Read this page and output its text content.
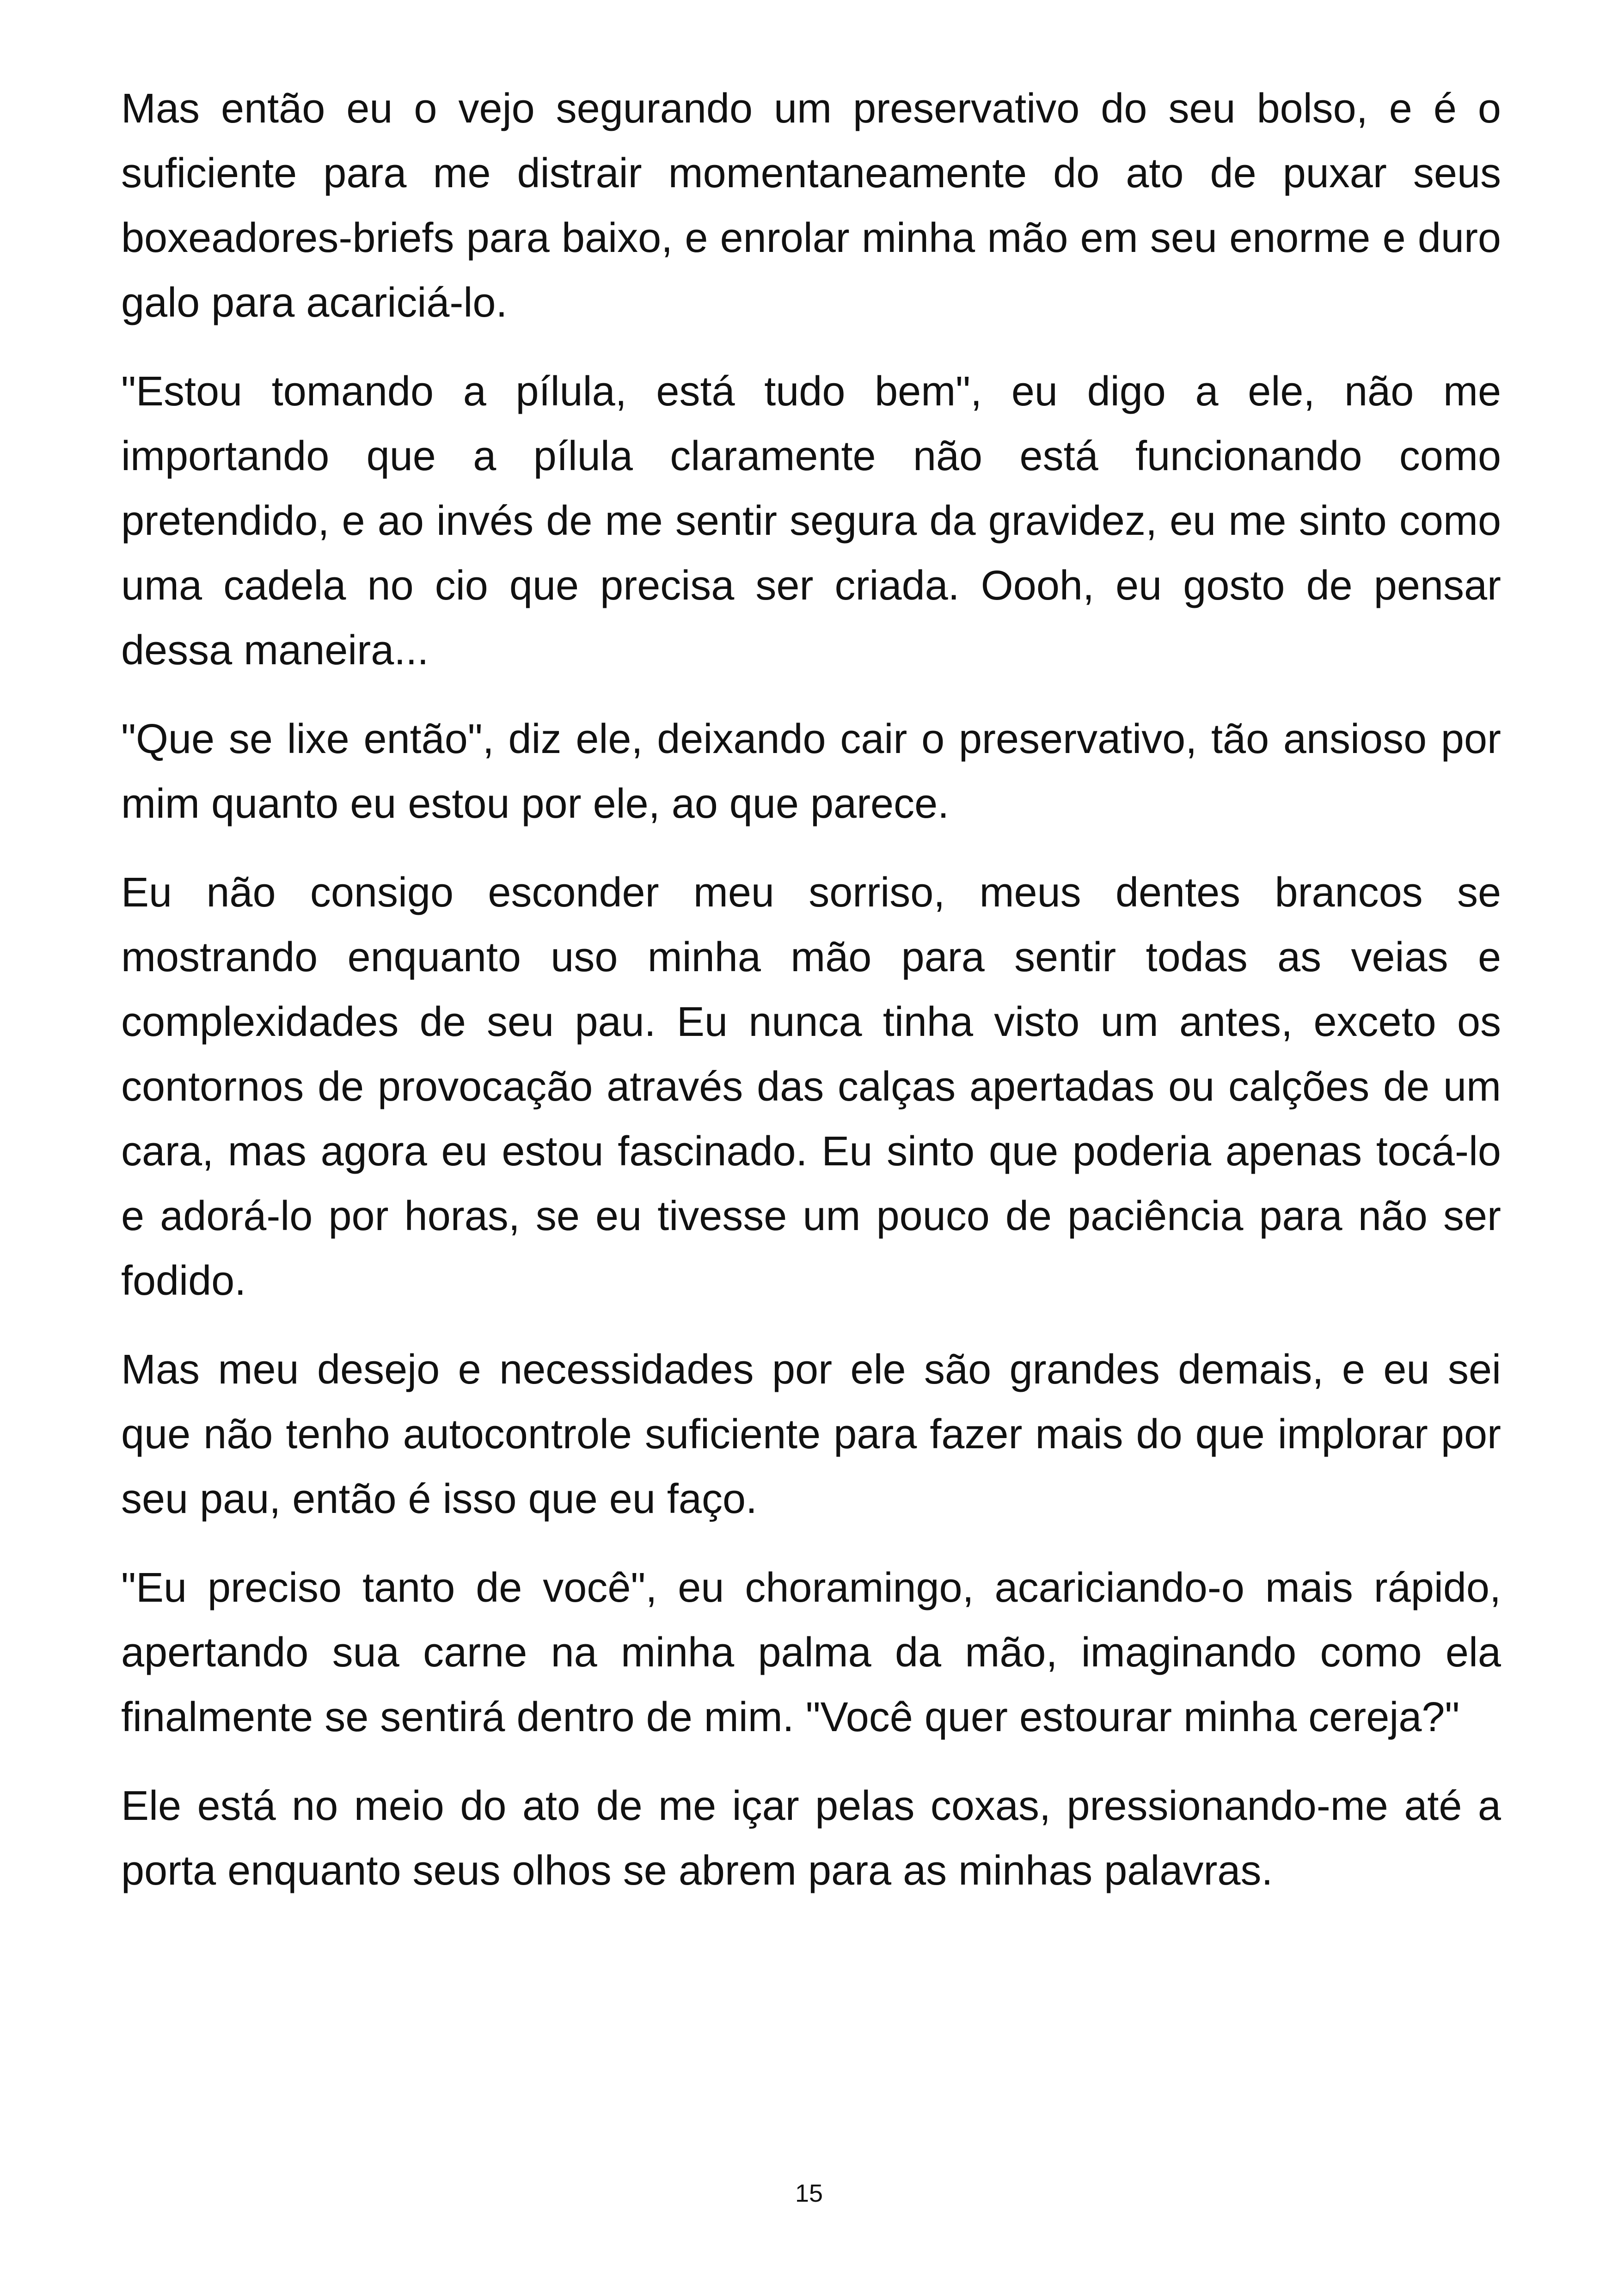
Mas então eu o vejo segurando um preservativo do seu bolso, e é o suficiente para me distrair momentaneamente do ato de puxar seus boxeadores-briefs para baixo, e enrolar minha mão em seu enorme e duro galo para acariciá-lo.

"Estou tomando a pílula, está tudo bem", eu digo a ele, não me importando que a pílula claramente não está funcionando como pretendido, e ao invés de me sentir segura da gravidez, eu me sinto como uma cadela no cio que precisa ser criada. Oooh, eu gosto de pensar dessa maneira...

"Que se lixe então", diz ele, deixando cair o preservativo, tão ansioso por mim quanto eu estou por ele, ao que parece.

Eu não consigo esconder meu sorriso, meus dentes brancos se mostrando enquanto uso minha mão para sentir todas as veias e complexidades de seu pau. Eu nunca tinha visto um antes, exceto os contornos de provocação através das calças apertadas ou calções de um cara, mas agora eu estou fascinado. Eu sinto que poderia apenas tocá-lo e adorá-lo por horas, se eu tivesse um pouco de paciência para não ser fodido.

Mas meu desejo e necessidades por ele são grandes demais, e eu sei que não tenho autocontrole suficiente para fazer mais do que implorar por seu pau, então é isso que eu faço.

"Eu preciso tanto de você", eu choramingo, acariciando-o mais rápido, apertando sua carne na minha palma da mão, imaginando como ela finalmente se sentirá dentro de mim. "Você quer estourar minha cereja?"

Ele está no meio do ato de me içar pelas coxas, pressionando-me até a porta enquanto seus olhos se abrem para as minhas palavras.

15
